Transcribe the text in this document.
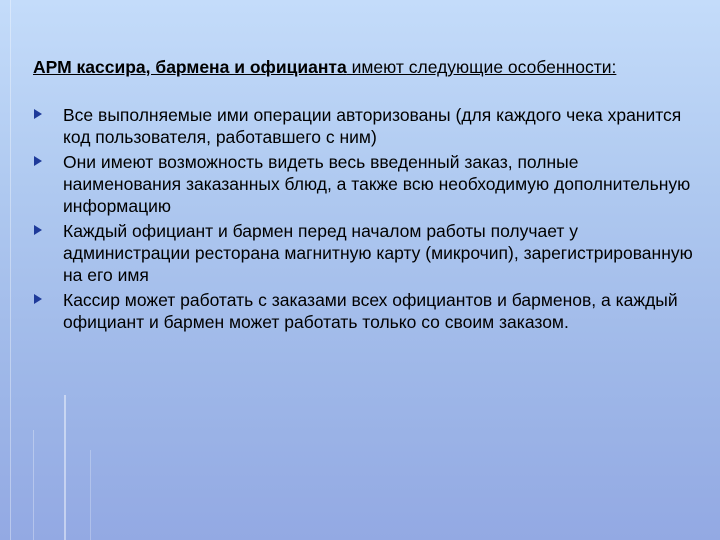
АРМ кассира, бармена и официанта имеют следующие особенности:

Все выполняемые ими операции авторизованы (для каждого чека хранится код пользователя, работавшего с ним)
Они имеют возможность видеть весь введенный заказ, полные наименования заказанных блюд, а также всю необходимую дополнительную информацию
Каждый официант и бармен перед началом работы получает у администрации ресторана магнитную карту (микрочип), зарегистрированную на его имя
Кассир может работать с заказами всех официантов и барменов, а каждый официант и бармен может работать только со своим заказом.
